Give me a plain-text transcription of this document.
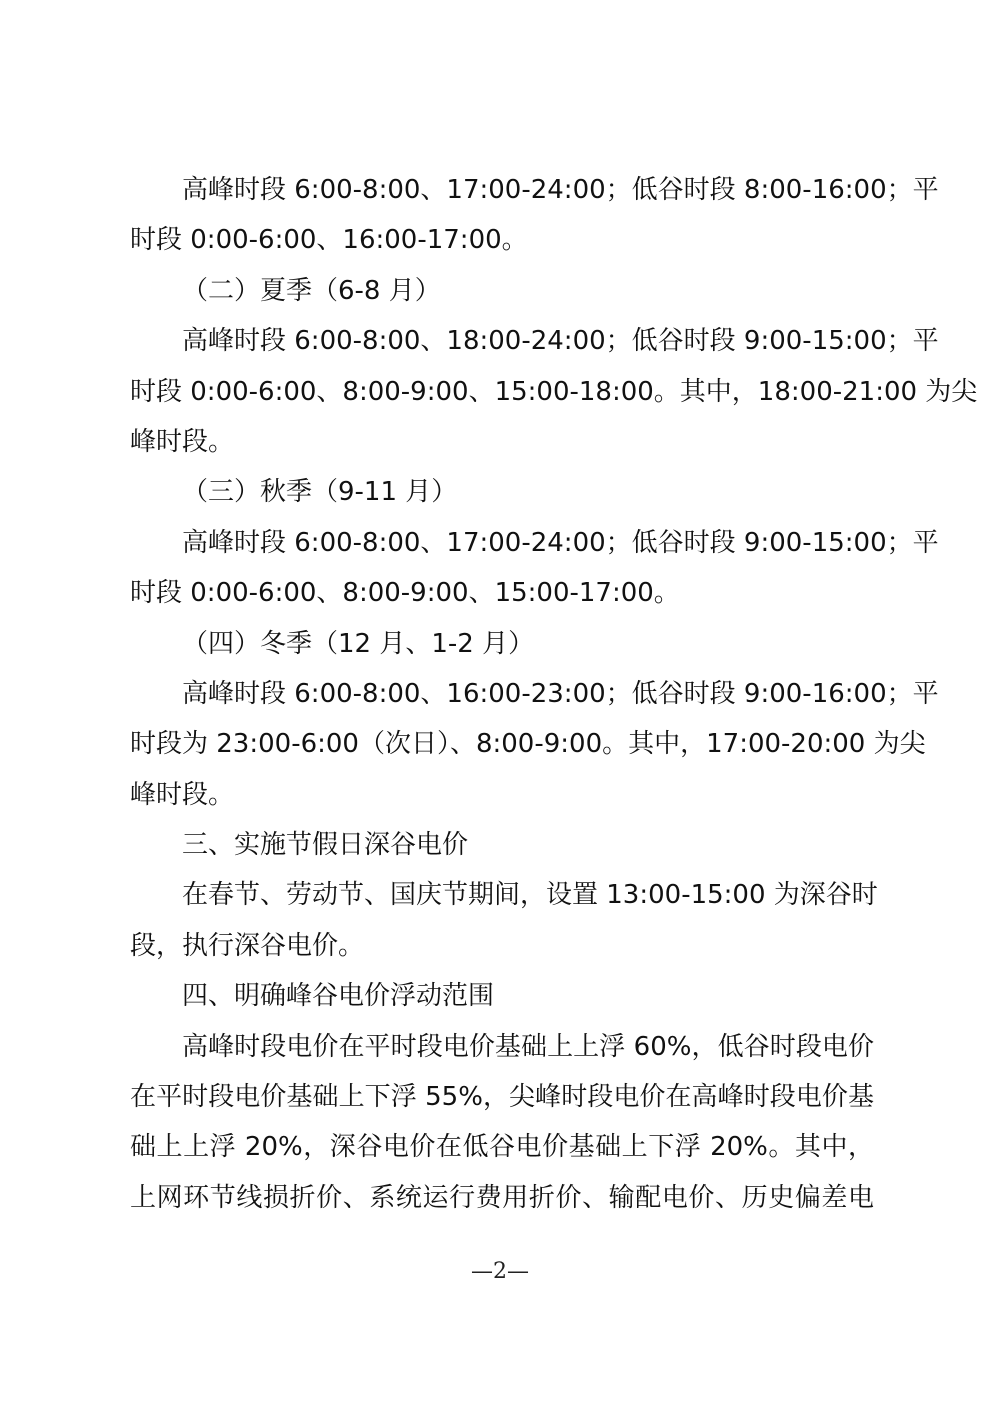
高峰时段 6:00-8:00、17:00-24:00；低谷时段 8:00-16:00；平
时段 0:00-6:00、16:00-17:00。
（二）夏季（6-8 月）
高峰时段 6:00-8:00、18:00-24:00；低谷时段 9:00-15:00；平
时段 0:00-6:00、8:00-9:00、15:00-18:00。其中，18:00-21:00 为尖
峰时段。
（三）秋季（9-11 月）
高峰时段 6:00-8:00、17:00-24:00；低谷时段 9:00-15:00；平
时段 0:00-6:00、8:00-9:00、15:00-17:00。
（四）冬季（12 月、1-2 月）
高峰时段 6:00-8:00、16:00-23:00；低谷时段 9:00-16:00；平
时段为 23:00-6:00（次日）、8:00-9:00。其中，17:00-20:00 为尖
峰时段。
三、实施节假日深谷电价
在春节、劳动节、国庆节期间，设置 13:00-15:00 为深谷时
段，执行深谷电价。
四、明确峰谷电价浮动范围
高峰时段电价在平时段电价基础上上浮 60%，低谷时段电价
在平时段电价基础上下浮 55%，尖峰时段电价在高峰时段电价基
础上上浮 20%，深谷电价在低谷电价基础上下浮 20%。其中，
上网环节线损折价、系统运行费用折价、输配电价、历史偏差电
—2—
